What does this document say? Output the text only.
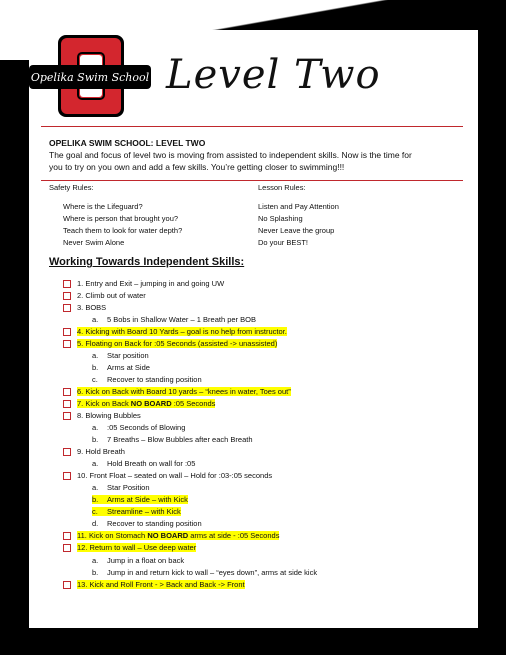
Opelika Swim School Level Two
OPELIKA SWIM SCHOOL: LEVEL TWO
The goal and focus of level two is moving from assisted to independent skills. Now is the time for
you to try on you own and add a few skills. You’re getting closer to swimming!!!
Safety Rules:	Lesson Rules:
Where is the Lifeguard?
Where is person that brought you?
Teach them to look for water depth?
Never Swim Alone
Listen and Pay Attention
No Splashing
Never Leave the group
Do your BEST!
Working Towards Independent Skills:
1. Entry and Exit – jumping in and going UW
2. Climb out of water
3. BOBS
a. 5 Bobs in Shallow Water – 1 Breath per BOB
4. Kicking with Board 10 Yards – goal is no help from instructor.
5. Floating on Back for :05 Seconds (assisted -> unassisted)
a. Star position
b. Arms at Side
c. Recover to standing position
6. Kick on Back with Board 10 yards – “knees in water, Toes out”
7. Kick on Back NO BOARD :05 Seconds
8. Blowing Bubbles
a. :05 Seconds of Blowing
b. 7 Breaths – Blow Bubbles after each Breath
9. Hold Breath
a. Hold Breath on wall for :05
10. Front Float – seated on wall – Hold for :03-:05 seconds
a. Star Position
b. Arms at Side – with Kick
c. Streamline – with Kick
d. Recover to standing position
11. Kick on Stomach NO BOARD arms at side - :05 Seconds
12. Return to wall – Use deep water
a. Jump in a float on back
b. Jump in and return kick to wall – “eyes down”, arms at side kick
13. Kick and Roll Front - > Back and Back -> Front
